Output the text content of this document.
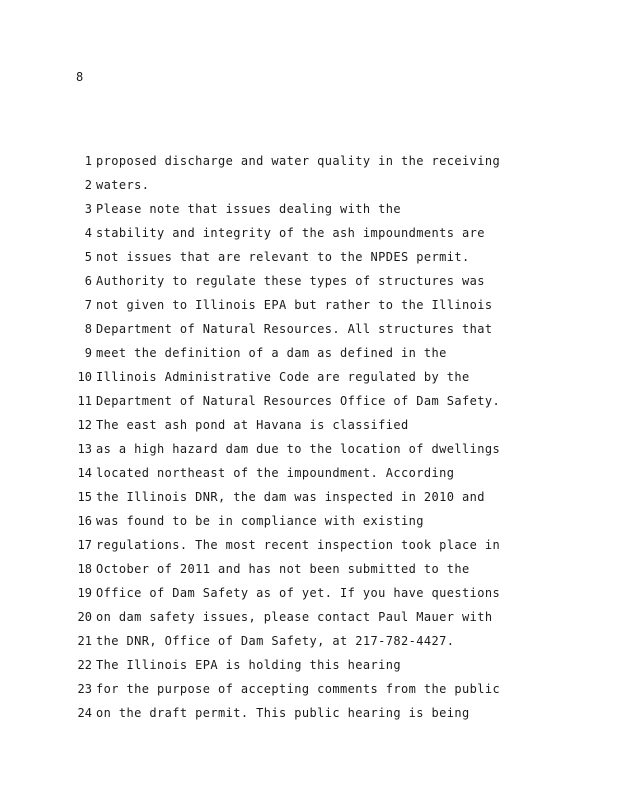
8
1 proposed discharge and water quality in the receiving
2 waters.
3 Please note that issues dealing with the
4 stability and integrity of the ash impoundments are
5 not issues that are relevant to the NPDES permit.
6 Authority to regulate these types of structures was
7 not given to Illinois EPA but rather to the Illinois
8 Department of Natural Resources. All structures that
9 meet the definition of a dam as defined in the
10 Illinois Administrative Code are regulated by the
11 Department of Natural Resources Office of Dam Safety.
12 The east ash pond at Havana is classified
13 as a high hazard dam due to the location of dwellings
14 located northeast of the impoundment. According
15 the Illinois DNR, the dam was inspected in 2010 and
16 was found to be in compliance with existing
17 regulations. The most recent inspection took place in
18 October of 2011 and has not been submitted to the
19 Office of Dam Safety as of yet. If you have questions
20 on dam safety issues, please contact Paul Mauer with
21 the DNR, Office of Dam Safety, at 217-782-4427.
22 The Illinois EPA is holding this hearing
23 for the purpose of accepting comments from the public
24 on the draft permit. This public hearing is being
